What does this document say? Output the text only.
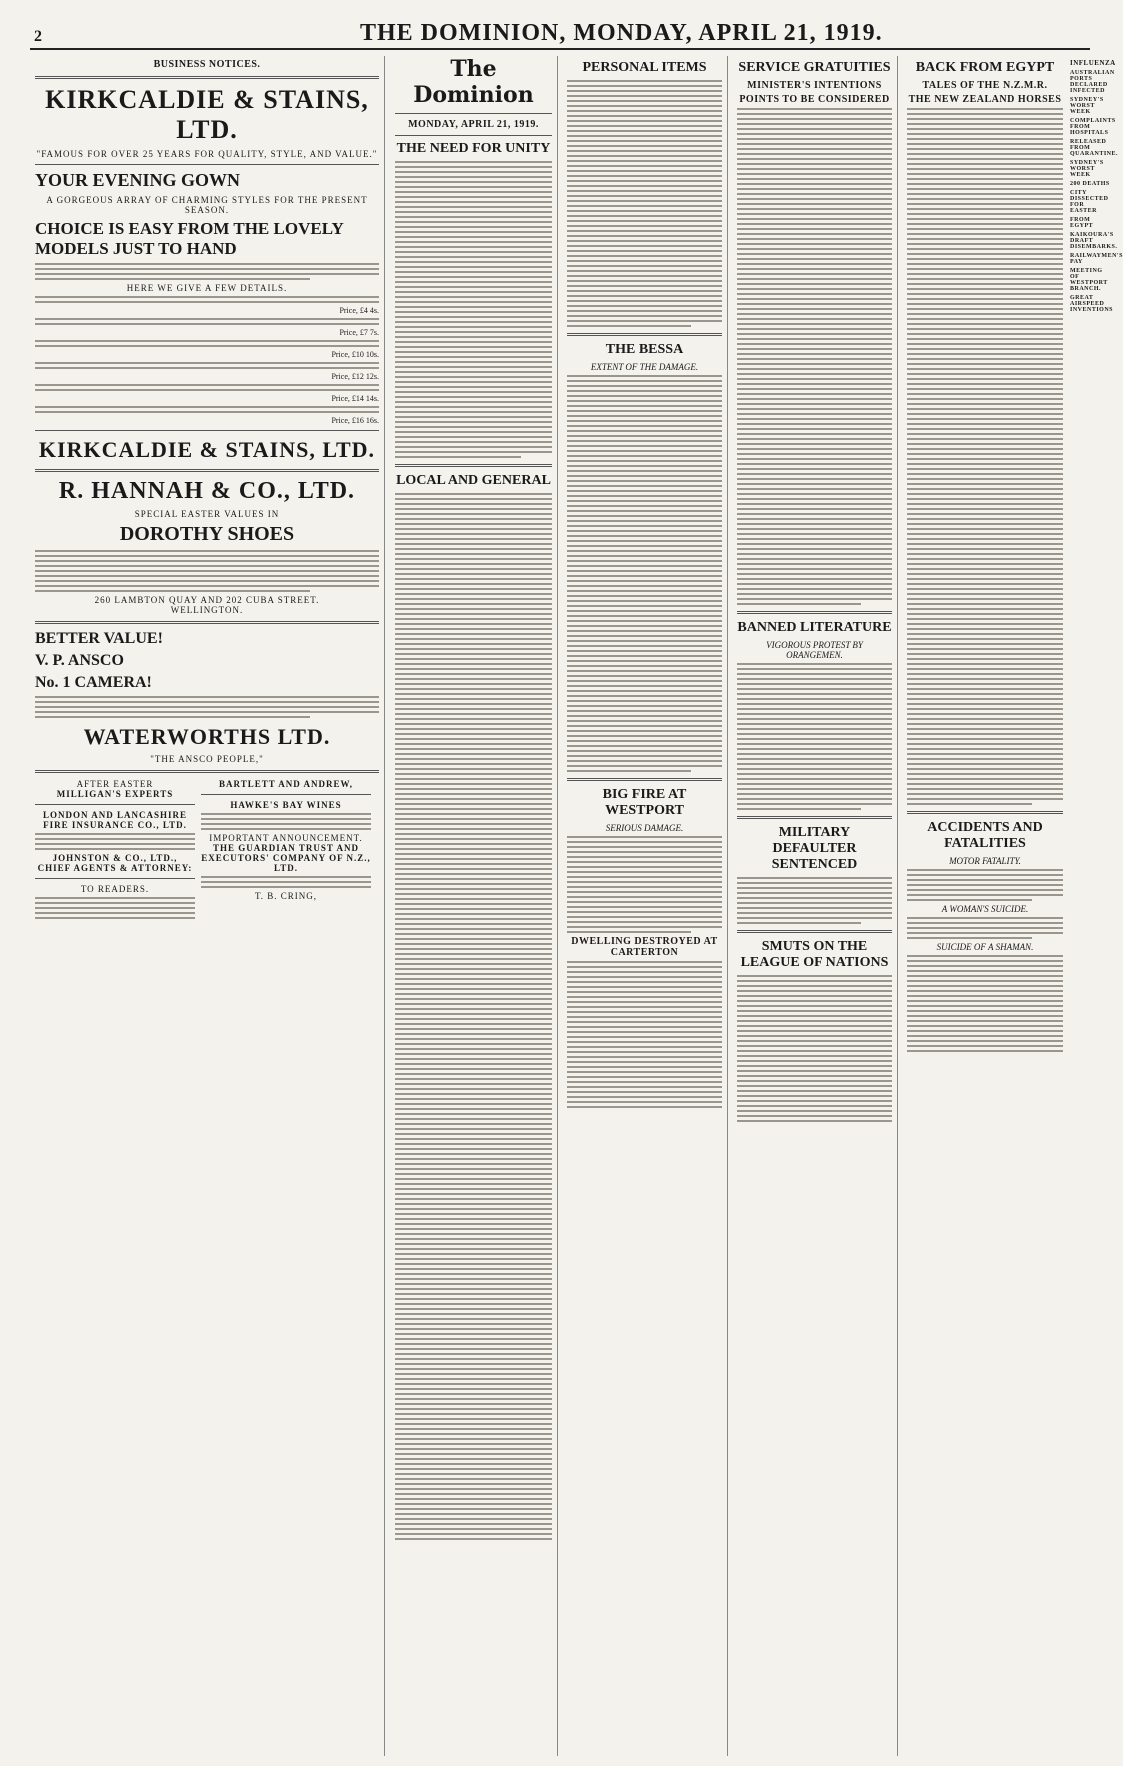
2	THE DOMINION, MONDAY, APRIL 21, 1919.
BUSINESS NOTICES.
KIRKCALDIE & STAINS, LTD.
"FAMOUS FOR OVER 25 YEARS FOR QUALITY, STYLE, AND VALUE."
YOUR EVENING GOWN
A GORGEOUS ARRAY OF CHARMING STYLES FOR THE PRESENT SEASON.
CHOICE IS EASY FROM THE LOVELY MODELS JUST TO HAND
HERE WE GIVE A FEW DETAILS.
Price, £4 4s.
Price, £7 7s.
Price, £10 10s.
Price, £12 12s.
Price, £14 14s.
Price, £16 16s.
KIRKCALDIE & STAINS, LTD.
R. HANNAH & CO., LTD.
SPECIAL EASTER VALUES IN
DOROTHY SHOES
260 LAMBTON QUAY AND 202 CUBA STREET.
WELLINGTON.
BETTER VALUE!
V. P. ANSCO
No. 1 CAMERA!
WATERWORTHS LTD.
"THE ANSCO PEOPLE,"
AFTER EASTER
MILLIGAN'S EXPERTS
LONDON AND LANCASHIRE FIRE INSURANCE CO., LTD.
JOHNSTON & CO., LTD.,
CHIEF AGENTS & ATTORNEY:
TO READERS.
BARTLETT AND ANDREW,
HAWKE'S BAY WINES
IMPORTANT ANNOUNCEMENT.
THE GUARDIAN TRUST AND EXECUTORS' COMPANY OF N.Z., LTD.
T. B. CRING,
The Dominion
MONDAY, APRIL 21, 1919.
THE NEED FOR UNITY
LOCAL AND GENERAL
PERSONAL ITEMS
THE BESSA
EXTENT OF THE DAMAGE.
BIG FIRE AT WESTPORT
SERIOUS DAMAGE.
DWELLING DESTROYED AT CARTERTON
SERVICE GRATUITIES
MINISTER'S INTENTIONS
POINTS TO BE CONSIDERED
BANNED LITERATURE
VIGOROUS PROTEST BY ORANGEMEN.
MILITARY DEFAULTER SENTENCED
SMUTS ON THE LEAGUE OF NATIONS
BACK FROM EGYPT
TALES OF THE N.Z.M.R.
THE NEW ZEALAND HORSES
ACCIDENTS AND FATALITIES
MOTOR FATALITY.
A WOMAN'S SUICIDE.
SUICIDE OF A SHAMAN.
INFLUENZA
AUSTRALIAN PORTS DECLARED INFECTED
SYDNEY'S WORST WEEK
COMPLAINTS FROM HOSPITALS
RELEASED FROM QUARANTINE.
SYDNEY'S WORST WEEK
200 DEATHS
CITY DISSECTED FOR EASTER
FROM EGYPT
KAIKOURA'S DRAFT DISEMBARKS.
RAILWAYMEN'S PAY
MEETING OF WESTPORT BRANCH.
GREAT AIRSPEED INVENTIONS
